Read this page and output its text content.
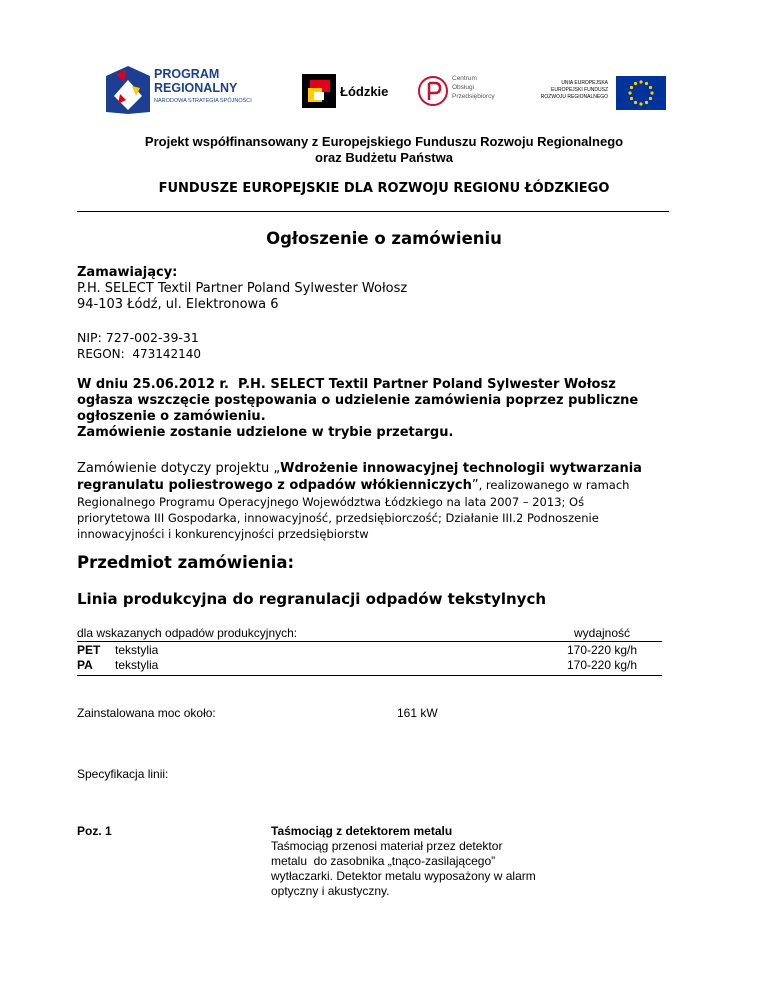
PROGRAM
REGIONALNY
NARODOWA STRATEGIA SPÓJNOŚCI
Łódzkie
Centrum
Obsługi
Przedsiębiorcy
UNIA EUROPEJSKA
EUROPEJSKI FUNDUSZ
ROZWOJU REGIONALNEGO
Projekt współfinansowany z Europejskiego Funduszu Rozwoju Regionalnego
oraz Budżetu Państwa
FUNDUSZE EUROPEJSKIE DLA ROZWOJU REGIONU ŁÓDZKIEGO
Ogłoszenie o zamówieniu
Zamawiający:
P.H. SELECT Textil Partner Poland Sylwester Wołosz
94-103 Łódź, ul. Elektronowa 6
NIP: 727-002-39-31
REGON:  473142140
W dniu 25.06.2012 r.  P.H. SELECT Textil Partner Poland Sylwester Wołosz
ogłasza wszczęcie postępowania o udzielenie zamówienia poprzez publiczne
ogłoszenie o zamówieniu.
Zamówienie zostanie udzielone w trybie przetargu.
Zamówienie dotyczy projektu „Wdrożenie innowacyjnej technologii wytwarzania
regranulatu poliestrowego z odpadów włókienniczych”, realizowanego w ramach
Regionalnego Programu Operacyjnego Województwa Łódzkiego na lata 2007 – 2013; Oś
priorytetowa III Gospodarka, innowacyjność, przedsiębiorczość; Działanie III.2 Podnoszenie
innowacyjności i konkurencyjności przedsiębiorstw
Przedmiot zamówienia:
Linia produkcyjna do regranulacji odpadów tekstylnych
dla wskazanych odpadów produkcyjnych:	wydajność
PET tekstylia	170-220 kg/h
PA tekstylia	170-220 kg/h
Zainstalowana moc około:	161 kW
Specyfikacja linii:
Poz. 1	Taśmociąg z detektorem metalu
Taśmociąg przenosi materiał przez detektor
metalu  do zasobnika „tnąco-zasilającego”
wytłaczarki. Detektor metalu wyposażony w alarm
optyczny i akustyczny.
